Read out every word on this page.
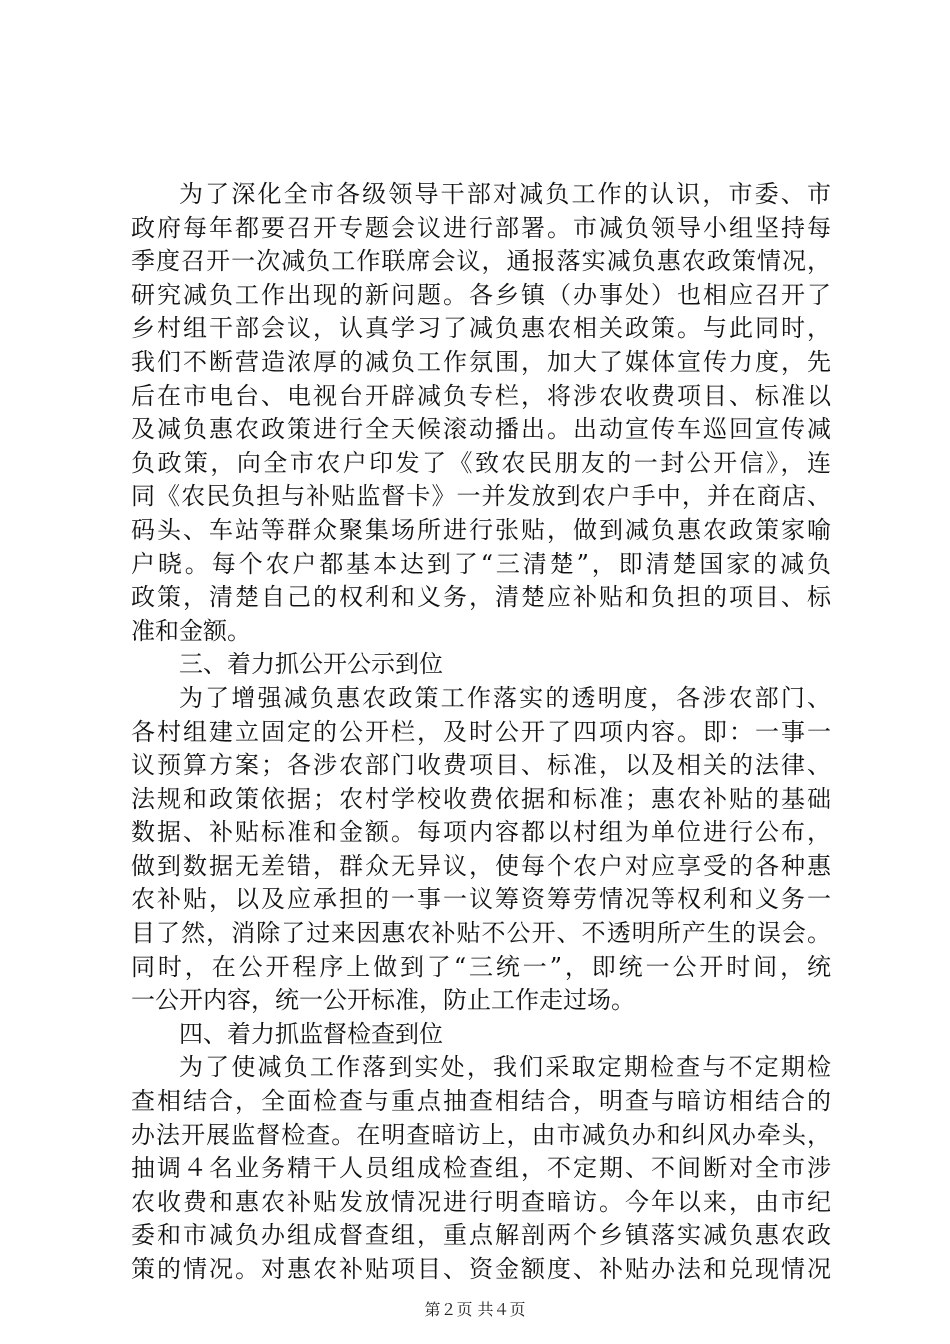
为了深化全市各级领导干部对减负工作的认识，市委、市
政府每年都要召开专题会议进行部署。市减负领导小组坚持每
季度召开一次减负工作联席会议，通报落实减负惠农政策情况，
研究减负工作出现的新问题。各乡镇（办事处）也相应召开了
乡村组干部会议，认真学习了减负惠农相关政策。与此同时，
我们不断营造浓厚的减负工作氛围，加大了媒体宣传力度，先
后在市电台、电视台开辟减负专栏，将涉农收费项目、标准以
及减负惠农政策进行全天候滚动播出。出动宣传车巡回宣传减
负政策，向全市农户印发了《致农民朋友的一封公开信》，连
同《农民负担与补贴监督卡》一并发放到农户手中，并在商店、
码头、车站等群众聚集场所进行张贴，做到减负惠农政策家喻
户晓。每个农户都基本达到了“三清楚”，即清楚国家的减负
政策，清楚自己的权利和义务，清楚应补贴和负担的项目、标
准和金额。
三、着力抓公开公示到位
为了增强减负惠农政策工作落实的透明度，各涉农部门、
各村组建立固定的公开栏，及时公开了四项内容。即：一事一
议预算方案；各涉农部门收费项目、标准，以及相关的法律、
法规和政策依据；农村学校收费依据和标准；惠农补贴的基础
数据、补贴标准和金额。每项内容都以村组为单位进行公布，
做到数据无差错，群众无异议，使每个农户对应享受的各种惠
农补贴，以及应承担的一事一议筹资筹劳情况等权利和义务一
目了然，消除了过来因惠农补贴不公开、不透明所产生的误会。
同时，在公开程序上做到了“三统一”，即统一公开时间，统
一公开内容，统一公开标准，防止工作走过场。
四、着力抓监督检查到位
为了使减负工作落到实处，我们采取定期检查与不定期检
查相结合，全面检查与重点抽查相结合，明查与暗访相结合的
办法开展监督检查。在明查暗访上，由市减负办和纠风办牵头，
抽调４名业务精干人员组成检查组，不定期、不间断对全市涉
农收费和惠农补贴发放情况进行明查暗访。今年以来，由市纪
委和市减负办组成督查组，重点解剖两个乡镇落实减负惠农政
策的情况。对惠农补贴项目、资金额度、补贴办法和兑现情况
第２页 共４页
